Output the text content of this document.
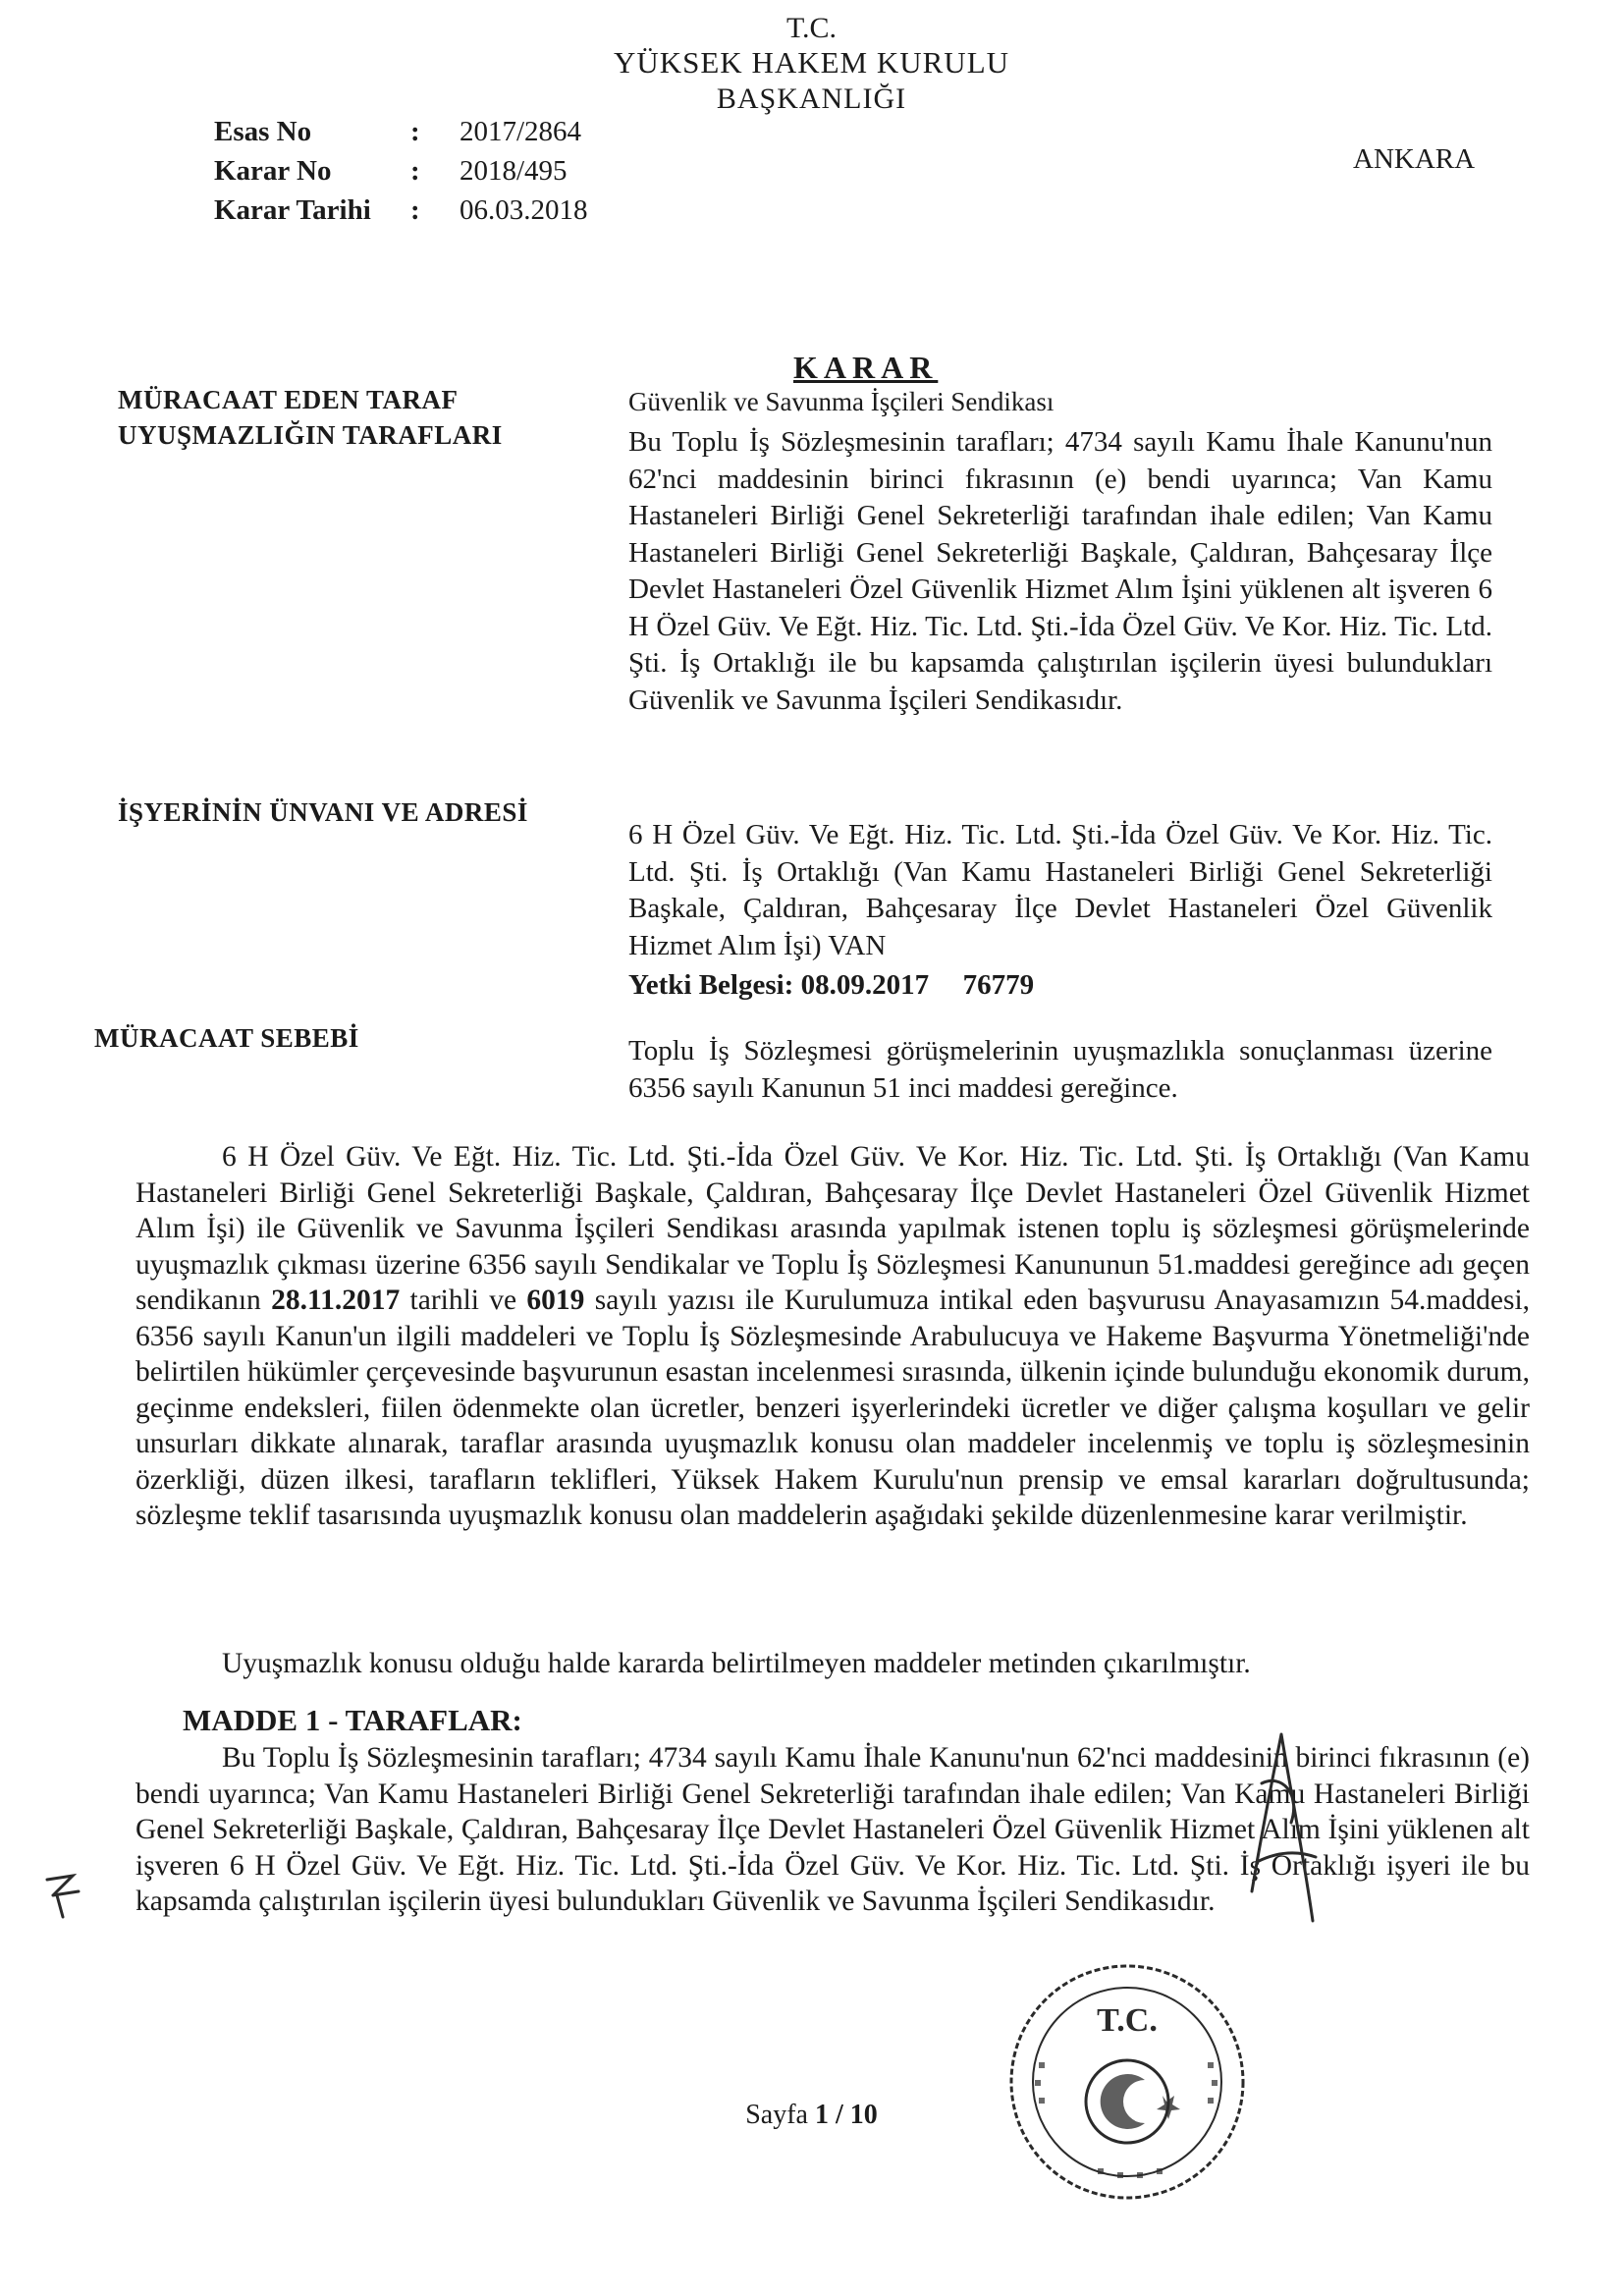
T.C.
YÜKSEK HAKEM KURULU
BAŞKANLIĞI
ANKARA
Esas No	: 2017/2864
Karar No	: 2018/495
Karar Tarihi : 06.03.2018
KARAR
MÜRACAAT EDEN TARAF
UYUŞMAZLIĞIN TARAFLARI
İŞYERİNİN ÜNVANI VE ADRESİ
MÜRACAAT SEBEBİ
Güvenlik ve Savunma İşçileri Sendikası
Bu Toplu İş Sözleşmesinin tarafları; 4734 sayılı Kamu İhale Kanunu'nun 62'nci maddesinin birinci fıkrasının (e) bendi uyarınca; Van Kamu Hastaneleri Birliği Genel Sekreterliği tarafından ihale edilen; Van Kamu Hastaneleri Birliği Genel Sekreterliği Başkale, Çaldıran, Bahçesaray İlçe Devlet Hastaneleri Özel Güvenlik Hizmet Alım İşini yüklenen alt işveren 6 H Özel Güv. Ve Eğt. Hiz. Tic. Ltd. Şti.-İda Özel Güv. Ve Kor. Hiz. Tic. Ltd. Şti. İş Ortaklığı ile bu kapsamda çalıştırılan işçilerin üyesi bulundukları Güvenlik ve Savunma İşçileri Sendikasıdır.
6 H Özel Güv. Ve Eğt. Hiz. Tic. Ltd. Şti.-İda Özel Güv. Ve Kor. Hiz. Tic. Ltd. Şti. İş Ortaklığı (Van Kamu Hastaneleri Birliği Genel Sekreterliği Başkale, Çaldıran, Bahçesaray İlçe Devlet Hastaneleri Özel Güvenlik Hizmet Alım İşi) VAN
Yetki Belgesi: 08.09.2017 76779
Toplu İş Sözleşmesi görüşmelerinin uyuşmazlıkla sonuçlanması üzerine 6356 sayılı Kanunun 51 inci maddesi gereğince.
6 H Özel Güv. Ve Eğt. Hiz. Tic. Ltd. Şti.-İda Özel Güv. Ve Kor. Hiz. Tic. Ltd. Şti. İş Ortaklığı (Van Kamu Hastaneleri Birliği Genel Sekreterliği Başkale, Çaldıran, Bahçesaray İlçe Devlet Hastaneleri Özel Güvenlik Hizmet Alım İşi) ile Güvenlik ve Savunma İşçileri Sendikası arasında yapılmak istenen toplu iş sözleşmesi görüşmelerinde uyuşmazlık çıkması üzerine 6356 sayılı Sendikalar ve Toplu İş Sözleşmesi Kanununun 51.maddesi gereğince adı geçen sendikanın 28.11.2017 tarihli ve 6019 sayılı yazısı ile Kurulumuza intikal eden başvurusu Anayasamızın 54.maddesi, 6356 sayılı Kanun'un ilgili maddeleri ve Toplu İş Sözleşmesinde Arabulucuya ve Hakeme Başvurma Yönetmeliği'nde belirtilen hükümler çerçevesinde başvurunun esastan incelenmesi sırasında, ülkenin içinde bulunduğu ekonomik durum, geçinme endeksleri, fiilen ödenmekte olan ücretler, benzeri işyerlerindeki ücretler ve diğer çalışma koşulları ve gelir unsurları dikkate alınarak, taraflar arasında uyuşmazlık konusu olan maddeler incelenmiş ve toplu iş sözleşmesinin özerkliği, düzen ilkesi, tarafların teklifleri, Yüksek Hakem Kurulu'nun prensip ve emsal kararları doğrultusunda; sözleşme teklif tasarısında uyuşmazlık konusu olan maddelerin aşağıdaki şekilde düzenlenmesine karar verilmiştir.
Uyuşmazlık konusu olduğu halde kararda belirtilmeyen maddeler metinden çıkarılmıştır.
MADDE 1 - TARAFLAR:
Bu Toplu İş Sözleşmesinin tarafları; 4734 sayılı Kamu İhale Kanunu'nun 62'nci maddesinin birinci fıkrasının (e) bendi uyarınca; Van Kamu Hastaneleri Birliği Genel Sekreterliği tarafından ihale edilen; Van Kamu Hastaneleri Birliği Genel Sekreterliği Başkale, Çaldıran, Bahçesaray İlçe Devlet Hastaneleri Özel Güvenlik Hizmet Alım İşini yüklenen alt işveren 6 H Özel Güv. Ve Eğt. Hiz. Tic. Ltd. Şti.-İda Özel Güv. Ve Kor. Hiz. Tic. Ltd. Şti. İş Ortaklığı işyeri ile bu kapsamda çalıştırılan işçilerin üyesi bulundukları Güvenlik ve Savunma İşçileri Sendikasıdır.
Sayfa 1 / 10
T.C.
